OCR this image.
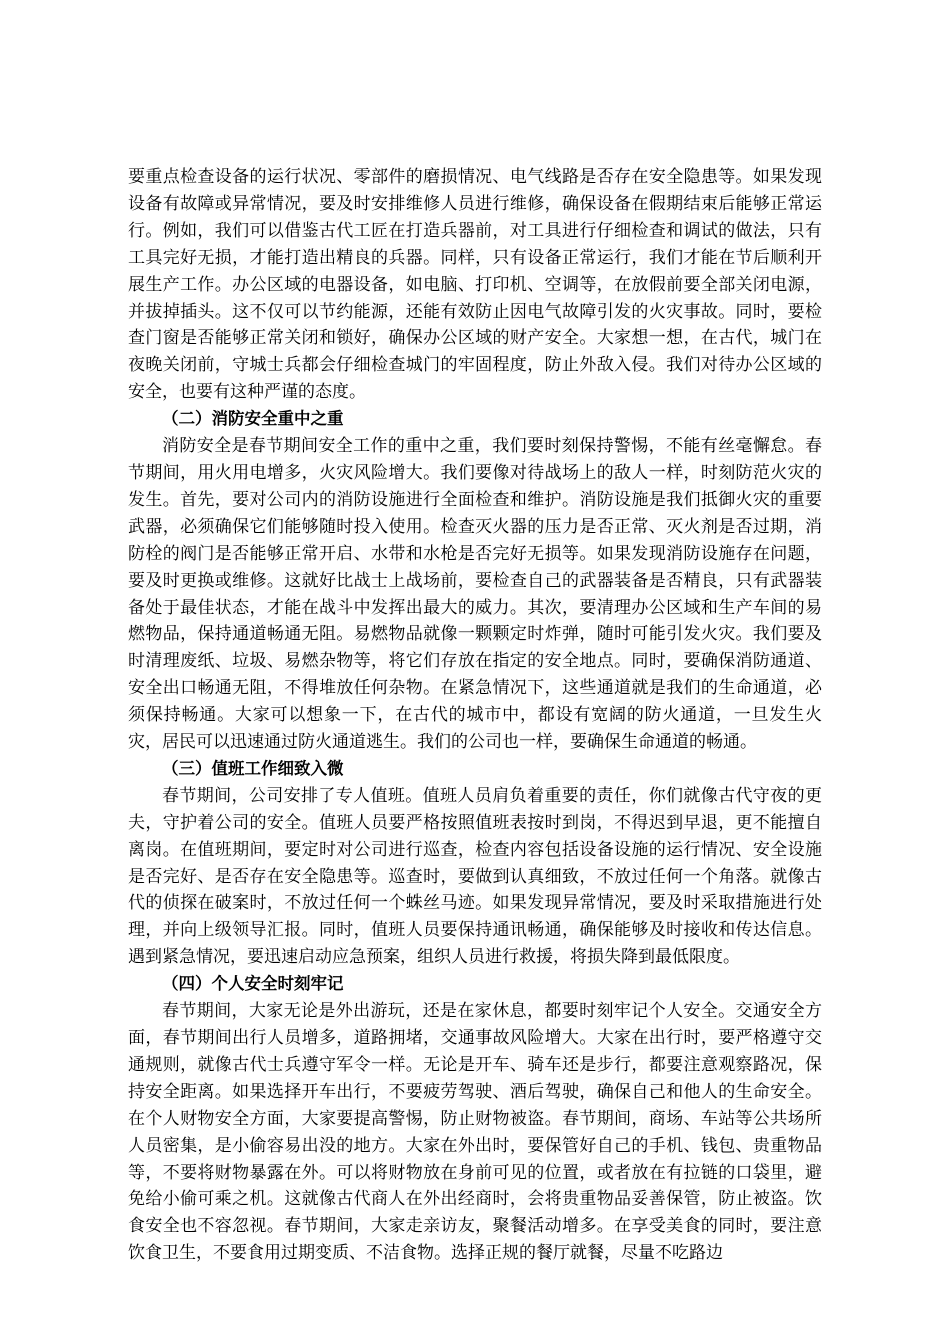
要重点检查设备的运行状况、零部件的磨损情况、电气线路是否存在安全隐患等。如果发现设备有故障或异常情况，要及时安排维修人员进行维修，确保设备在假期结束后能够正常运行。例如，我们可以借鉴古代工匠在打造兵器前，对工具进行仔细检查和调试的做法，只有工具完好无损，才能打造出精良的兵器。同样，只有设备正常运行，我们才能在节后顺利开展生产工作。办公区域的电器设备，如电脑、打印机、空调等，在放假前要全部关闭电源，并拔掉插头。这不仅可以节约能源，还能有效防止因电气故障引发的火灾事故。同时，要检查门窗是否能够正常关闭和锁好，确保办公区域的财产安全。大家想一想，在古代，城门在夜晚关闭前，守城士兵都会仔细检查城门的牢固程度，防止外敌入侵。我们对待办公区域的安全，也要有这种严谨的态度。

（二）消防安全重中之重

消防安全是春节期间安全工作的重中之重，我们要时刻保持警惕，不能有丝毫懈怠。春节期间，用火用电增多，火灾风险增大。我们要像对待战场上的敌人一样，时刻防范火灾的发生。首先，要对公司内的消防设施进行全面检查和维护。消防设施是我们抵御火灾的重要武器，必须确保它们能够随时投入使用。检查灭火器的压力是否正常、灭火剂是否过期，消防栓的阀门是否能够正常开启、水带和水枪是否完好无损等。如果发现消防设施存在问题，要及时更换或维修。这就好比战士上战场前，要检查自己的武器装备是否精良，只有武器装备处于最佳状态，才能在战斗中发挥出最大的威力。其次，要清理办公区域和生产车间的易燃物品，保持通道畅通无阻。易燃物品就像一颗颗定时炸弹，随时可能引发火灾。我们要及时清理废纸、垃圾、易燃杂物等，将它们存放在指定的安全地点。同时，要确保消防通道、安全出口畅通无阻，不得堆放任何杂物。在紧急情况下，这些通道就是我们的生命通道，必须保持畅通。大家可以想象一下，在古代的城市中，都设有宽阔的防火通道，一旦发生火灾，居民可以迅速通过防火通道逃生。我们的公司也一样，要确保生命通道的畅通。

（三）值班工作细致入微

春节期间，公司安排了专人值班。值班人员肩负着重要的责任，你们就像古代守夜的更夫，守护着公司的安全。值班人员要严格按照值班表按时到岗，不得迟到早退，更不能擅自离岗。在值班期间，要定时对公司进行巡查，检查内容包括设备设施的运行情况、安全设施是否完好、是否存在安全隐患等。巡查时，要做到认真细致，不放过任何一个角落。就像古代的侦探在破案时，不放过任何一个蛛丝马迹。如果发现异常情况，要及时采取措施进行处理，并向上级领导汇报。同时，值班人员要保持通讯畅通，确保能够及时接收和传达信息。遇到紧急情况，要迅速启动应急预案，组织人员进行救援，将损失降到最低限度。

（四）个人安全时刻牢记

春节期间，大家无论是外出游玩，还是在家休息，都要时刻牢记个人安全。交通安全方面，春节期间出行人员增多，道路拥堵，交通事故风险增大。大家在出行时，要严格遵守交通规则，就像古代士兵遵守军令一样。无论是开车、骑车还是步行，都要注意观察路况，保持安全距离。如果选择开车出行，不要疲劳驾驶、酒后驾驶，确保自己和他人的生命安全。在个人财物安全方面，大家要提高警惕，防止财物被盗。春节期间，商场、车站等公共场所人员密集，是小偷容易出没的地方。大家在外出时，要保管好自己的手机、钱包、贵重物品等，不要将财物暴露在外。可以将财物放在身前可见的位置，或者放在有拉链的口袋里，避免给小偷可乘之机。这就像古代商人在外出经商时，会将贵重物品妥善保管，防止被盗。饮食安全也不容忽视。春节期间，大家走亲访友，聚餐活动增多。在享受美食的同时，要注意饮食卫生，不要食用过期变质、不洁食物。选择正规的餐厅就餐，尽量不吃路边
